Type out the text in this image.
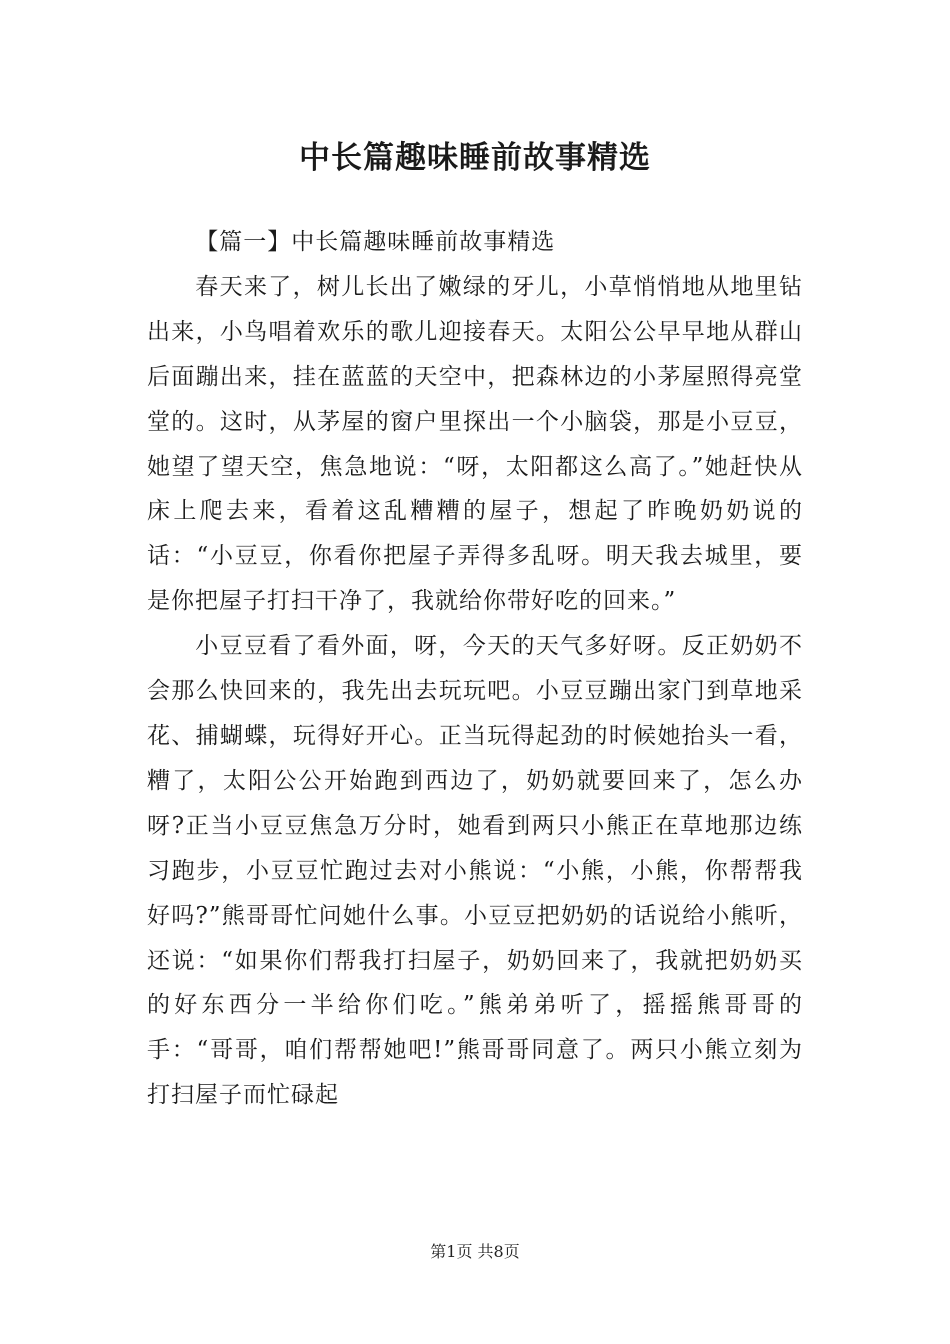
中长篇趣味睡前故事精选

【篇一】中长篇趣味睡前故事精选

春天来了，树儿长出了嫩绿的牙儿，小草悄悄地从地里钻出来，小鸟唱着欢乐的歌儿迎接春天。太阳公公早早地从群山后面蹦出来，挂在蓝蓝的天空中，把森林边的小茅屋照得亮堂堂的。这时，从茅屋的窗户里探出一个小脑袋，那是小豆豆，她望了望天空，焦急地说：“呀，太阳都这么高了。”她赶快从床上爬去来，看着这乱糟糟的屋子，想起了昨晚奶奶说的话：“小豆豆，你看你把屋子弄得多乱呀。明天我去城里，要是你把屋子打扫干净了，我就给你带好吃的回来。”

小豆豆看了看外面，呀，今天的天气多好呀。反正奶奶不会那么快回来的，我先出去玩玩吧。小豆豆蹦出家门到草地采花、捕蝴蝶，玩得好开心。正当玩得起劲的时候她抬头一看，糟了，太阳公公开始跑到西边了，奶奶就要回来了，怎么办呀?正当小豆豆焦急万分时，她看到两只小熊正在草地那边练习跑步，小豆豆忙跑过去对小熊说：“小熊，小熊，你帮帮我好吗?”熊哥哥忙问她什么事。小豆豆把奶奶的话说给小熊听，还说：“如果你们帮我打扫屋子，奶奶回来了，我就把奶奶买的好东西分一半给你们吃。”熊弟弟听了，摇摇熊哥哥的手：“哥哥，咱们帮帮她吧!”熊哥哥同意了。两只小熊立刻为打扫屋子而忙碌起

第1页 共8页
